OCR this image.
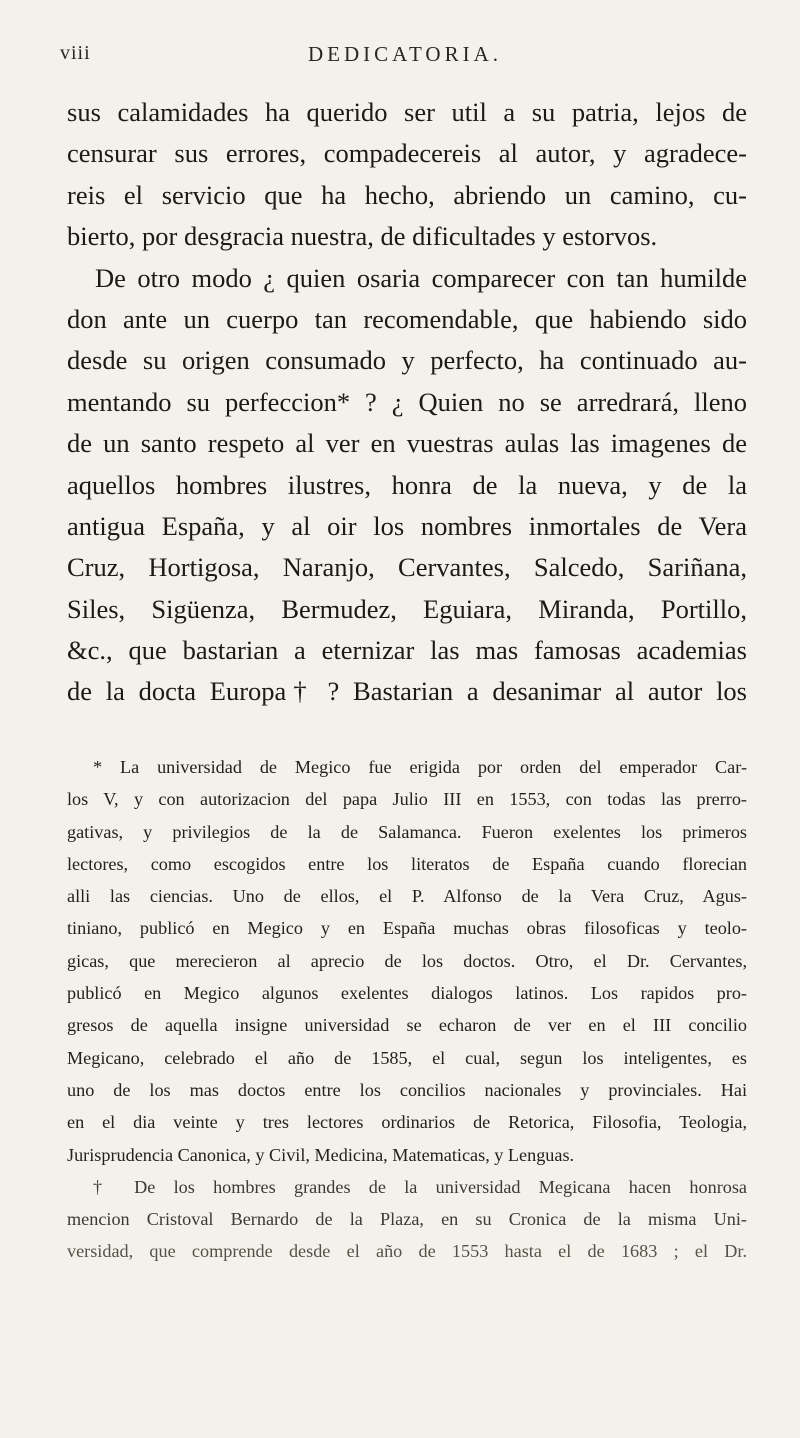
viii	DEDICATORIA.
sus calamidades ha querido ser util a su patria, lejos de
censurar sus errores, compadecereis al autor, y agradece-
reis el servicio que ha hecho, abriendo un camino, cu-
bierto, por desgracia nuestra, de dificultades y estorvos.
De otro modo ¿ quien osaria comparecer con tan humilde
don ante un cuerpo tan recomendable, que habiendo sido
desde su origen consumado y perfecto, ha continuado au-
mentando su perfeccion* ? ¿ Quien no se arredrará, lleno
de un santo respeto al ver en vuestras aulas las imagenes de
aquellos hombres ilustres, honra de la nueva, y de la
antigua España, y al oir los nombres inmortales de Vera
Cruz, Hortigosa, Naranjo, Cervantes, Salcedo, Sariñana,
Siles, Sigüenza, Bermudez, Eguiara, Miranda, Portillo,
&c., que bastarian a eternizar las mas famosas academias
de la docta Europa† ? Bastarian a desanimar al autor los
* La universidad de Megico fue erigida por orden del emperador Car-
los V, y con autorizacion del papa Julio III en 1553, con todas las prerro-
gativas, y privilegios de la de Salamanca. Fueron exelentes los primeros
lectores, como escogidos entre los literatos de España cuando florecian
alli las ciencias. Uno de ellos, el P. Alfonso de la Vera Cruz, Agus-
tiniano, publicó en Megico y en España muchas obras filosoficas y teolo-
gicas, que merecieron al aprecio de los doctos. Otro, el Dr. Cervantes,
publicó en Megico algunos exelentes dialogos latinos. Los rapidos pro-
gresos de aquella insigne universidad se echaron de ver en el III concilio
Megicano, celebrado el año de 1585, el cual, segun los inteligentes, es
uno de los mas doctos entre los concilios nacionales y provinciales. Hai
en el dia veinte y tres lectores ordinarios de Retorica, Filosofia, Teologia,
Jurisprudencia Canonica, y Civil, Medicina, Matematicas, y Lenguas.
† De los hombres grandes de la universidad Megicana hacen honrosa
mencion Cristoval Bernardo de la Plaza, en su Cronica de la misma Uni-
versidad, que comprende desde el año de 1553 hasta el de 1683 ; el Dr.
